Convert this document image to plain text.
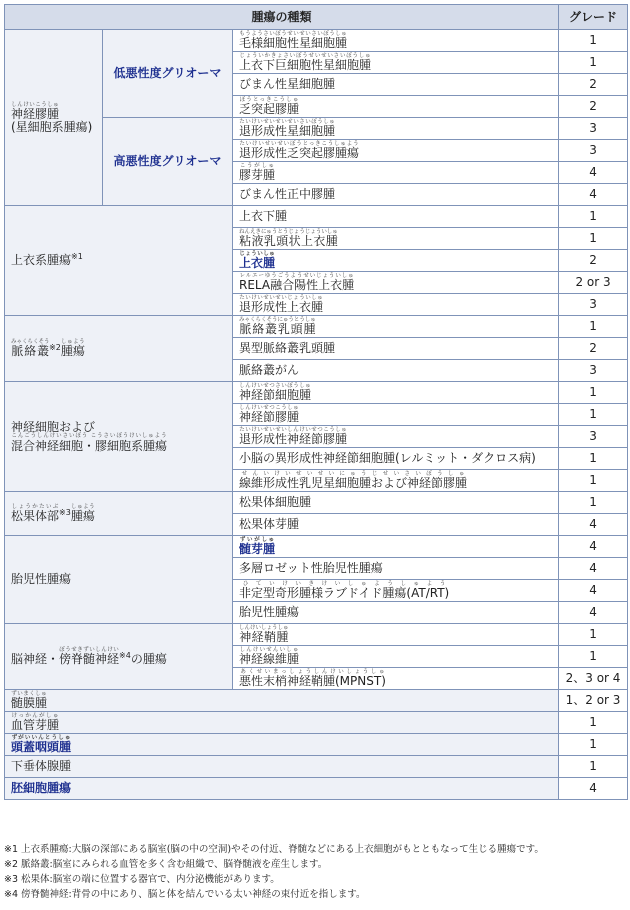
腫瘍の種類			グレード
神経膠腫しんけいこうしゅ
(星細胞系腫瘍)	低悪性度グリオーマ	毛様細胞性星細胞腫もうようさいぼうせいせいさいぼうしゅ	1
		上衣下巨細胞性星細胞腫じょういかきょさいぼうせいせいさいぼうしゅ	1
		びまん性星細胞腫	2
		乏突起膠腫ぼうとっきこうしゅ	2
	高悪性度グリオーマ	退形成性星細胞腫たいけいせいせいせいさいぼうしゅ	3
		退形成性乏突起膠腫瘍たいけいせいせいぼうとっきこうしゅよう	3
		膠芽腫こうがしゅ	4
		びまん性正中膠腫	4
上衣系腫瘍$^{※1}$		上衣下腫	1
		粘液乳頭状上衣腫ねんえきにゅうとうじょうじょういしゅ	1
		上衣腫じょういしゅ	2
		RELA融合陽性上衣腫レルエーゆうごうようせいじょういしゅ	2 or 3
		退形成性上衣腫たいけいせいせいじょういしゅ	3
脈絡叢みゃくらくそう$^{※2}$腫瘍しゅよう		脈絡叢乳頭腫みゃくらくそうにゅうとうしゅ	1
		異型脈絡叢乳頭腫	2
		脈絡叢がん	3
神経細胞および
混合神経細胞・膠細胞系腫瘍こんごうしんけいさいぼう こうさいぼうけいしゅよう		神経節細胞腫しんけいせつさいぼうしゅ	1
		神経節膠腫しんけいせつこうしゅ	1
		退形成性神経節膠腫たいけいせいせいしんけいせつこうしゅ	3
		小脳の異形成性神経節細胞腫(レルミット・ダクロス病)	1
		線維形成性乳児星細胞腫および神経節膠腫せんいけいせいせいにゅうじせいさいぼうしゅ	1
松果体部しょうかたいぶ$^{※3}$腫瘍しゅよう		松果体細胞腫	1
		松果体芽腫	4
胎児性腫瘍		髄芽腫ずいがしゅ	4
		多層ロゼット性胎児性腫瘍	4
		非定型奇形腫様ラブドイド腫瘍(AT/RT)ひていけいきけいしゅようしゅよう	4
		胎児性腫瘍	4
脳神経・傍脊髄神経ぼうせきずいしんけい$^{※4}$の腫瘍		神経鞘腫しんけいしょうしゅ	1
		神経線維腫しんけいせんいしゅ	1
		悪性末梢神経鞘腫(MPNST)あくせいまっしょうしんけいしょうしゅ	2、3 or 4
髄膜腫ずいまくしゅ			1、2 or 3
血管芽腫けっかんがしゅ			1
頭蓋咽頭腫ずがいいんとうしゅ			1
下垂体腺腫			1
胚細胞腫瘍			4
※1 上衣系腫瘍:大脳の深部にある脳室(脳の中の空洞)やその付近、脊髄などにある上衣細胞がもとともなって生じる腫瘍です。
※2 脈絡叢:脳室にみられる血管を多く含む組織で、脳脊髄液を産生します。
※3 松果体:脳室の端に位置する器官で、内分泌機能があります。
※4 傍脊髄神経:背骨の中にあり、脳と体を結んでいる太い神経の束付近を指します。
